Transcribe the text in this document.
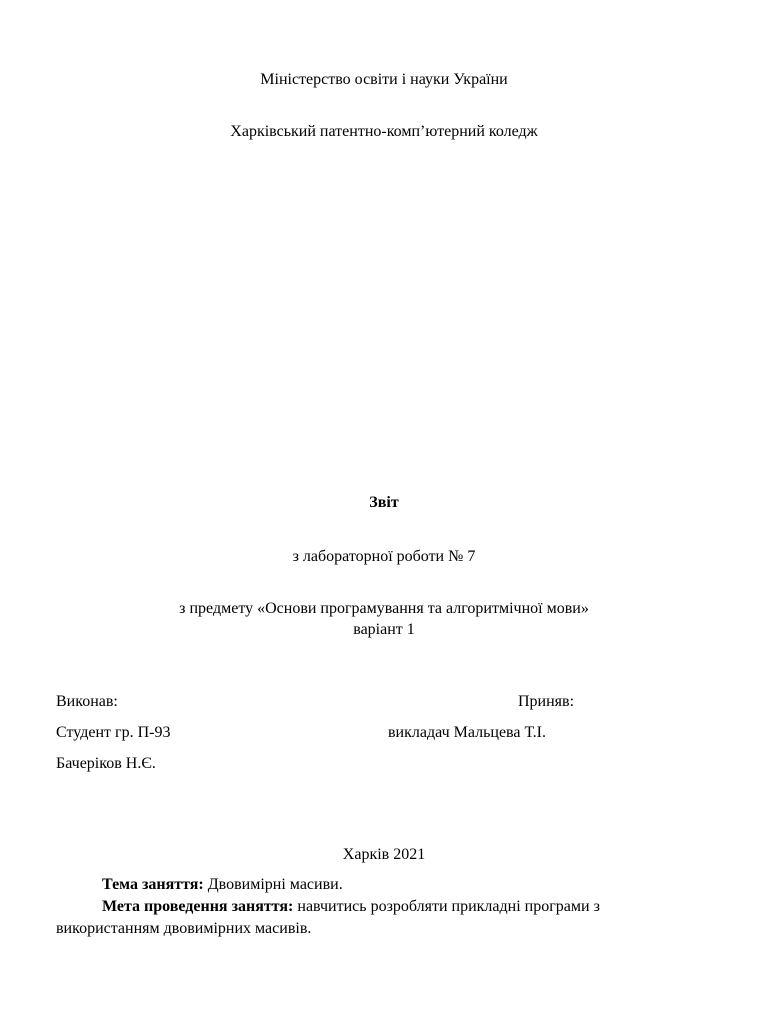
Міністерство освіти і науки України
Харківський патентно-комп’ютерний коледж
Звіт
з лабораторної роботи № 7
з предмету «Основи програмування та алгоритмічної мови»
варіант 1
Виконав:	Приняв:
Студент гр. П-93	викладач Мальцева Т.І.
Бачеріков Н.Є.
Харків 2021
Тема заняття: Двовимірні масиви.
Мета проведення заняття: навчитись розробляти прикладні програми з використанням двовимірних масивів.
